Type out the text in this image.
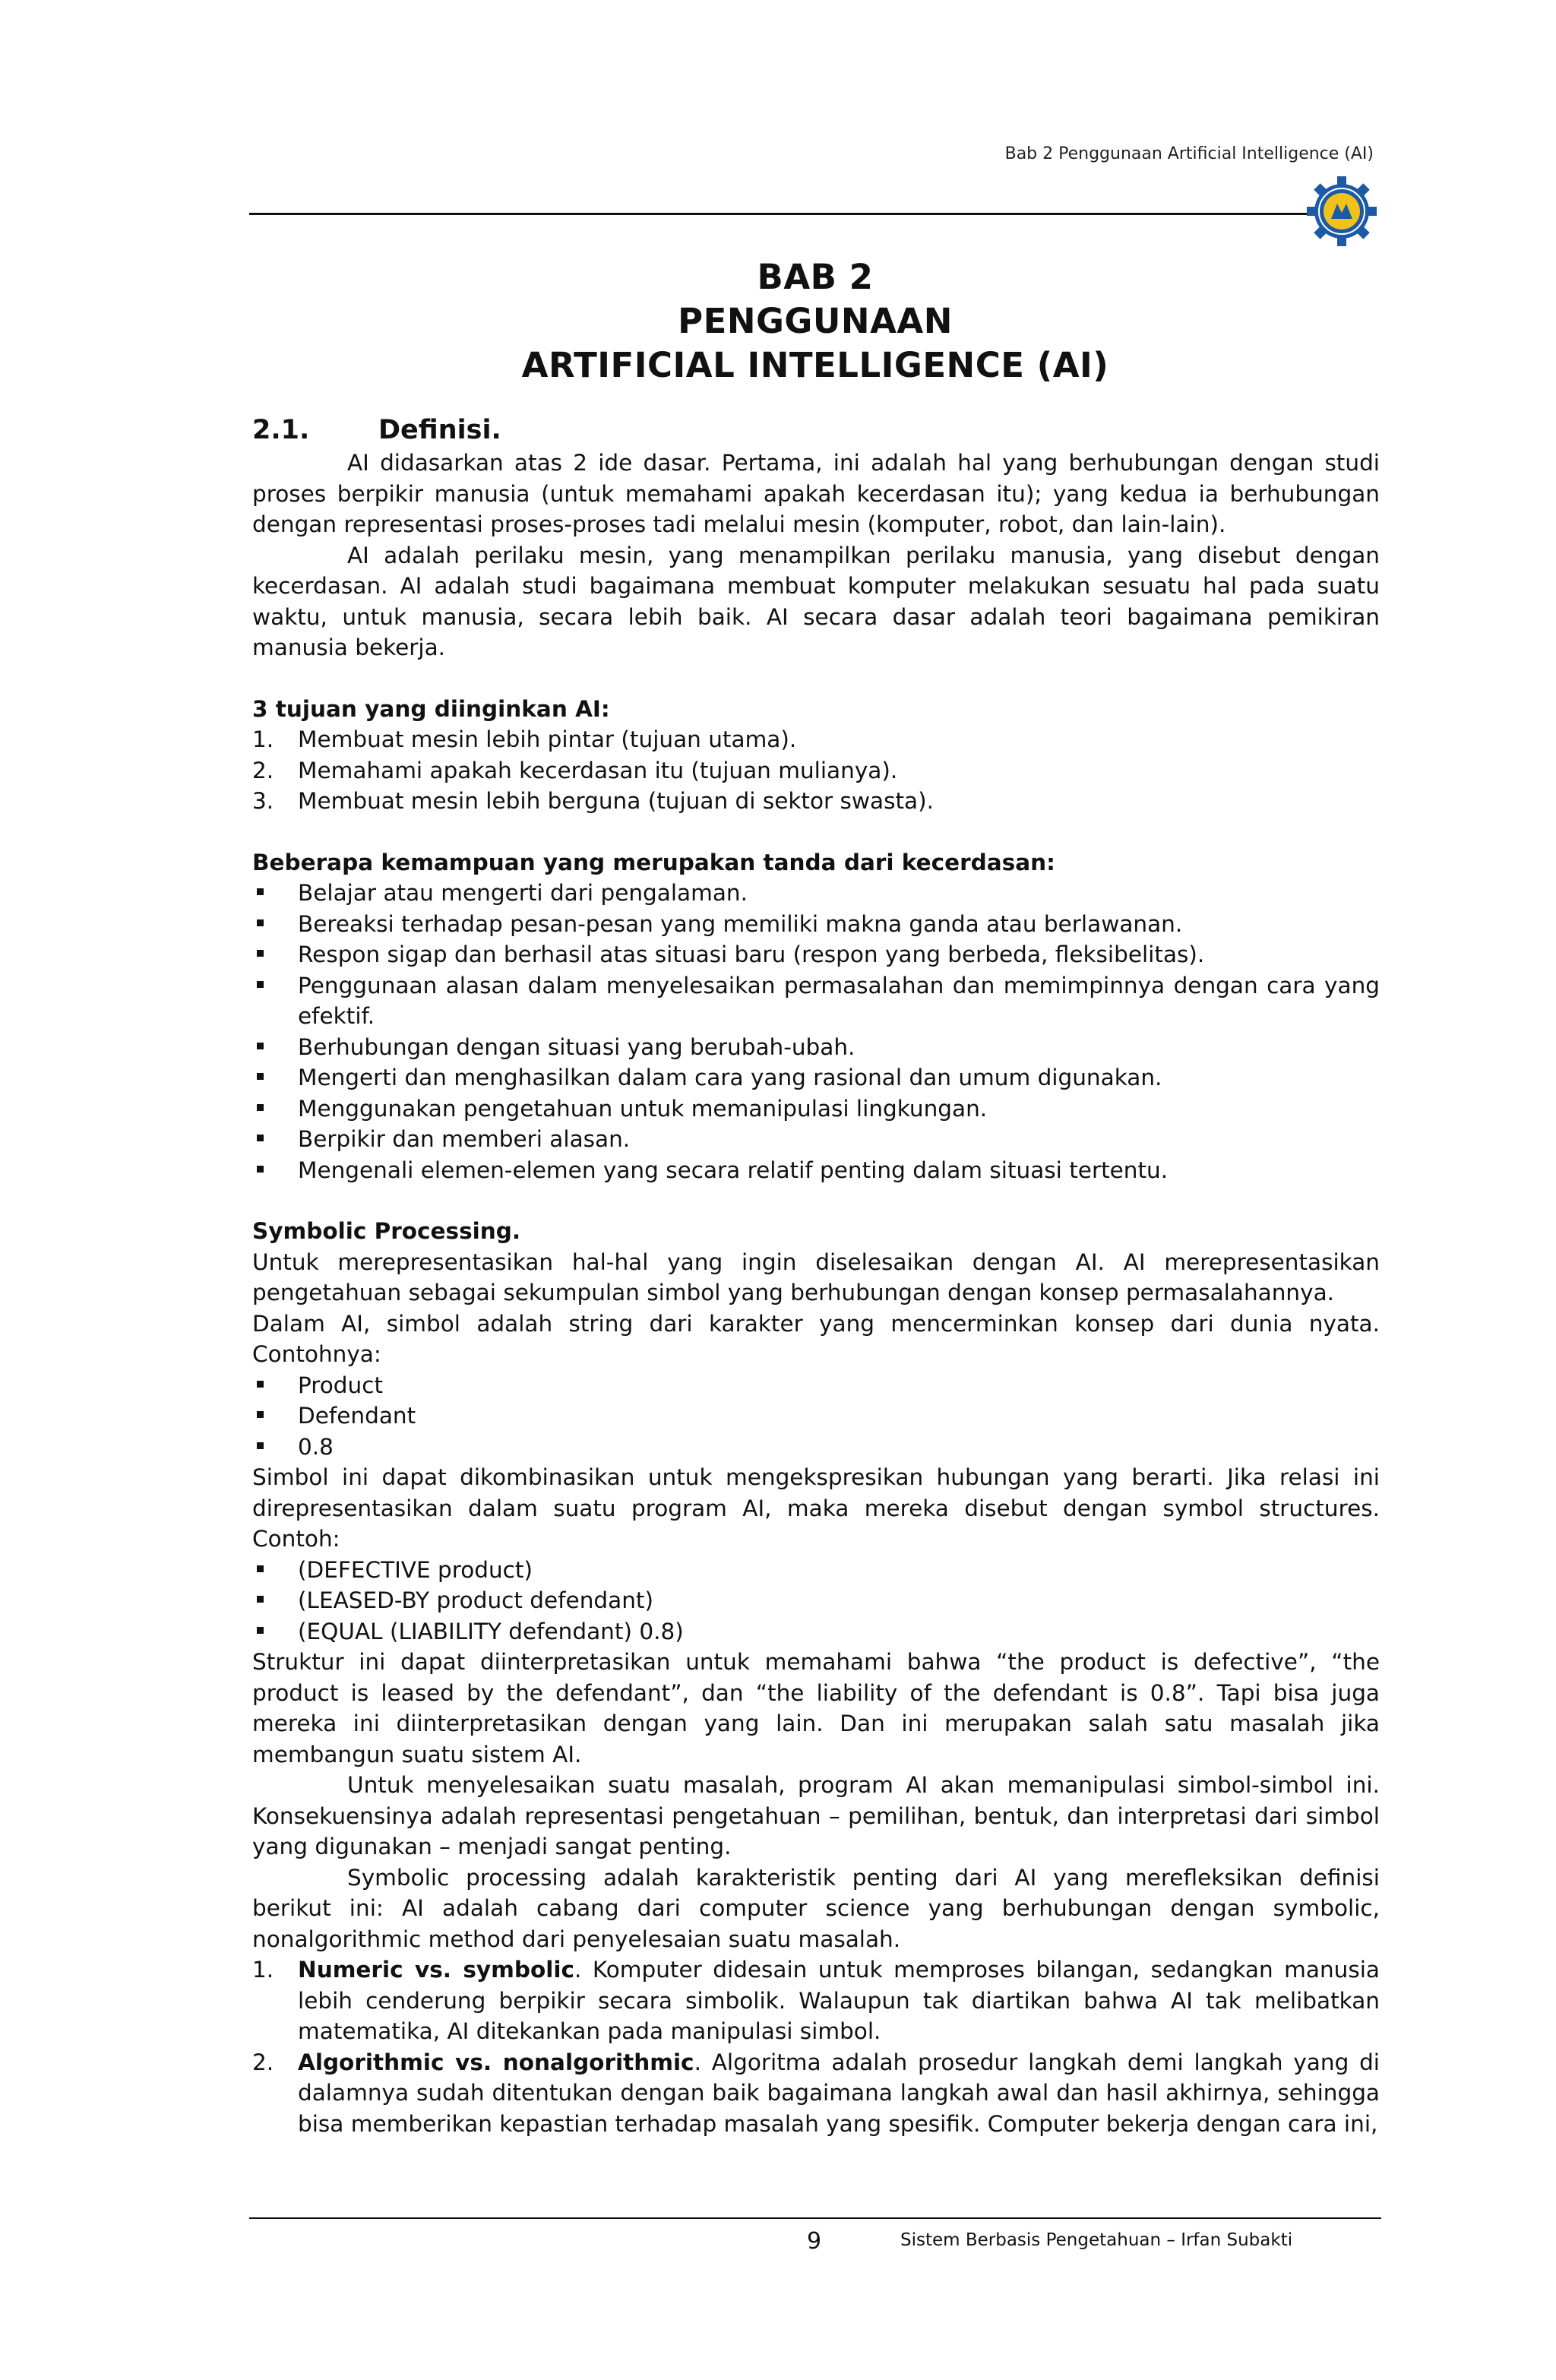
Bab 2 Penggunaan Artificial Intelligence (AI)
BAB 2
PENGGUNAAN
ARTIFICIAL INTELLIGENCE (AI)
2.1.	Definisi.

AI didasarkan atas 2 ide dasar. Pertama, ini adalah hal yang berhubungan dengan studi proses berpikir manusia (untuk memahami apakah kecerdasan itu); yang kedua ia berhubungan dengan representasi proses-proses tadi melalui mesin (komputer, robot, dan lain-lain).

AI adalah perilaku mesin, yang menampilkan perilaku manusia, yang disebut dengan kecerdasan. AI adalah studi bagaimana membuat komputer melakukan sesuatu hal pada suatu waktu, untuk manusia, secara lebih baik. AI secara dasar adalah teori bagaimana pemikiran manusia bekerja.

3 tujuan yang diinginkan AI:

1.	Membuat mesin lebih pintar (tujuan utama).
2.	Memahami apakah kecerdasan itu (tujuan mulianya).
3.	Membuat mesin lebih berguna (tujuan di sektor swasta).

Beberapa kemampuan yang merupakan tanda dari kecerdasan:

Belajar atau mengerti dari pengalaman.
Bereaksi terhadap pesan-pesan yang memiliki makna ganda atau berlawanan.
Respon sigap dan berhasil atas situasi baru (respon yang berbeda, fleksibelitas).
Penggunaan alasan dalam menyelesaikan permasalahan dan memimpinnya dengan cara yang efektif.
Berhubungan dengan situasi yang berubah-ubah.
Mengerti dan menghasilkan dalam cara yang rasional dan umum digunakan.
Menggunakan pengetahuan untuk memanipulasi lingkungan.
Berpikir dan memberi alasan.
Mengenali elemen-elemen yang secara relatif penting dalam situasi tertentu.

Symbolic Processing.

Untuk merepresentasikan hal-hal yang ingin diselesaikan dengan AI. AI merepresentasikan pengetahuan sebagai sekumpulan simbol yang berhubungan dengan konsep permasalahannya.

Dalam AI, simbol adalah string dari karakter yang mencerminkan konsep dari dunia nyata. Contohnya:

Product
Defendant
0.8

Simbol ini dapat dikombinasikan untuk mengekspresikan hubungan yang berarti. Jika relasi ini direpresentasikan dalam suatu program AI, maka mereka disebut dengan symbol structures. Contoh:

(DEFECTIVE product)
(LEASED-BY product defendant)
(EQUAL (LIABILITY defendant) 0.8)

Struktur ini dapat diinterpretasikan untuk memahami bahwa “the product is defective”, “the product is leased by the defendant”, dan “the liability of the defendant is 0.8”. Tapi bisa juga mereka ini diinterpretasikan dengan yang lain. Dan ini merupakan salah satu masalah jika membangun suatu sistem AI.

Untuk menyelesaikan suatu masalah, program AI akan memanipulasi simbol-simbol ini. Konsekuensinya adalah representasi pengetahuan – pemilihan, bentuk, dan interpretasi dari simbol yang digunakan – menjadi sangat penting.

Symbolic processing adalah karakteristik penting dari AI yang merefleksikan definisi berikut ini: AI adalah cabang dari computer science yang berhubungan dengan symbolic, nonalgorithmic method dari penyelesaian suatu masalah.

1.	Numeric vs. symbolic. Komputer didesain untuk memproses bilangan, sedangkan manusia lebih cenderung berpikir secara simbolik. Walaupun tak diartikan bahwa AI tak melibatkan matematika, AI ditekankan pada manipulasi simbol.
2.	Algorithmic vs. nonalgorithmic. Algoritma adalah prosedur langkah demi langkah yang di dalamnya sudah ditentukan dengan baik bagaimana langkah awal dan hasil akhirnya, sehingga bisa memberikan kepastian terhadap masalah yang spesifik. Computer bekerja dengan cara ini,
9	Sistem Berbasis Pengetahuan – Irfan Subakti
